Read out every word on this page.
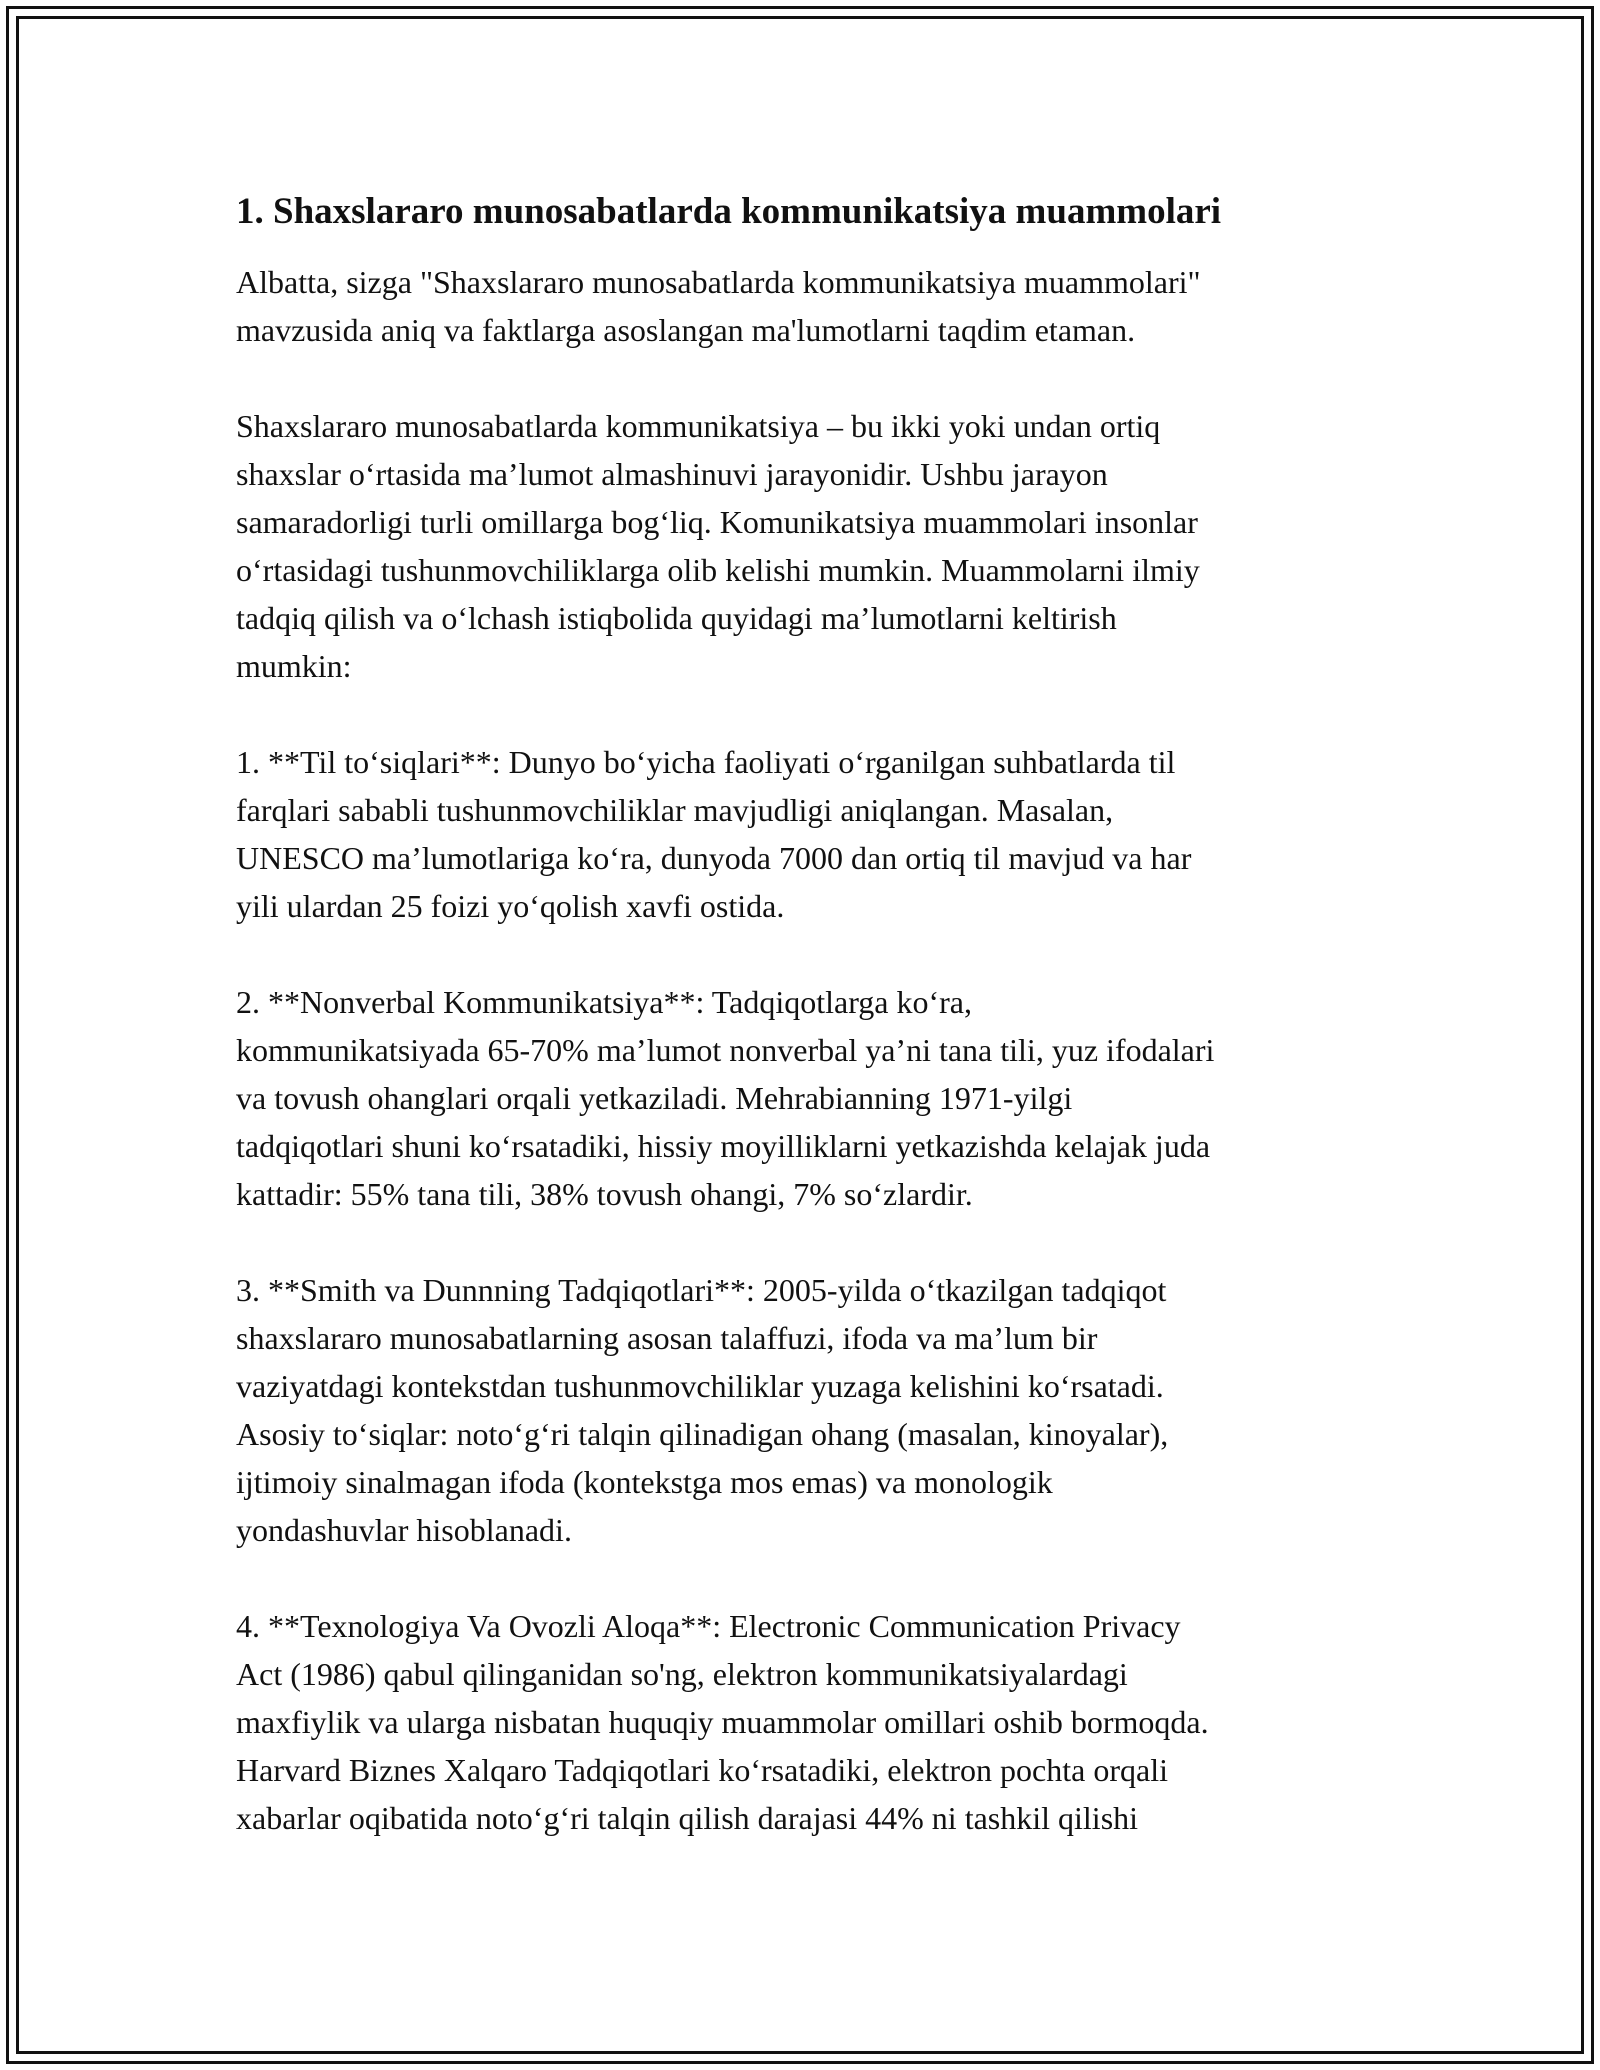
1. Shaxslararo munosabatlarda kommunikatsiya muammolari

Albatta, sizga "Shaxslararo munosabatlarda kommunikatsiya muammolari"
mavzusida aniq va faktlarga asoslangan ma'lumotlarni taqdim etaman.

Shaxslararo munosabatlarda kommunikatsiya – bu ikki yoki undan ortiq
shaxslar oʻrtasida maʼlumot almashinuvi jarayonidir. Ushbu jarayon
samaradorligi turli omillarga bogʻliq. Komunikatsiya muammolari insonlar
oʻrtasidagi tushunmovchiliklarga olib kelishi mumkin. Muammolarni ilmiy
tadqiq qilish va oʻlchash istiqbolida quyidagi maʼlumotlarni keltirish
mumkin:

1. **Til toʻsiqlari**: Dunyo boʻyicha faoliyati oʻrganilgan suhbatlarda til
farqlari sababli tushunmovchiliklar mavjudligi aniqlangan. Masalan,
UNESCO maʼlumotlariga koʻra, dunyoda 7000 dan ortiq til mavjud va har
yili ulardan 25 foizi yoʻqolish xavfi ostida.

2. **Nonverbal Kommunikatsiya**: Tadqiqotlarga koʻra,
kommunikatsiyada 65-70% maʼlumot nonverbal yaʼni tana tili, yuz ifodalari
va tovush ohanglari orqali yetkaziladi. Mehrabianning 1971-yilgi
tadqiqotlari shuni koʻrsatadiki, hissiy moyilliklarni yetkazishda kelajak juda
kattadir: 55% tana tili, 38% tovush ohangi, 7% soʻzlardir.

3. **Smith va Dunnning Tadqiqotlari**: 2005-yilda oʻtkazilgan tadqiqot
shaxslararo munosabatlarning asosan talaffuzi, ifoda va maʼlum bir
vaziyatdagi kontekstdan tushunmovchiliklar yuzaga kelishini koʻrsatadi.
Asosiy toʻsiqlar: notoʻgʻri talqin qilinadigan ohang (masalan, kinoyalar),
ijtimoiy sinalmagan ifoda (kontekstga mos emas) va monologik
yondashuvlar hisoblanadi.

4. **Texnologiya Va Ovozli Aloqa**: Electronic Communication Privacy
Act (1986) qabul qilinganidan so'ng, elektron kommunikatsiyalardagi
maxfiylik va ularga nisbatan huquqiy muammolar omillari oshib bormoqda.
Harvard Biznes Xalqaro Tadqiqotlari koʻrsatadiki, elektron pochta orqali
xabarlar oqibatida notoʻgʻri talqin qilish darajasi 44% ni tashkil qilishi
